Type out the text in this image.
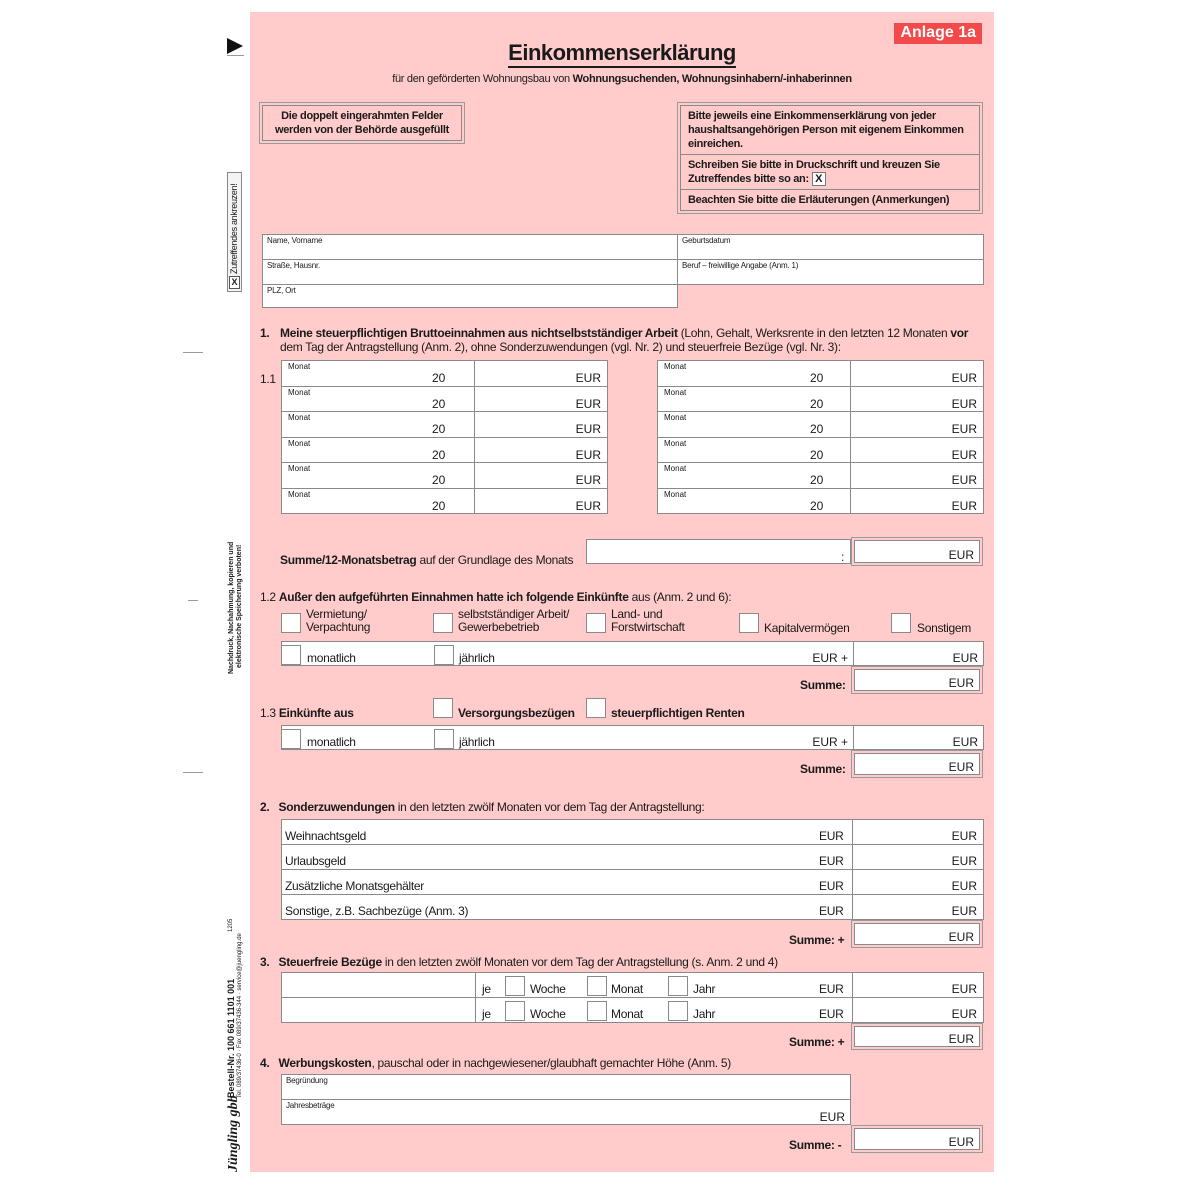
Zutreffendes ankreuzen!
X
Nachdruck, Nachahmung, kopieren und elektronische Speicherung verboten!
Jüngling gbb
Bestell-Nr. 100 661 1101 001 Tel. 089/37436-0 · Fax 089/37436-344 · service@juengling.de
1205
Anlage 1a
Einkommenserklärung
für den geförderten Wohnungsbau von Wohnungsuchenden, Wohnungsinhabern/-inhaberinnen
Die doppelt eingerahmten Felder
werden von der Behörde ausgefüllt
Bitte jeweils eine Einkommenserklärung von jeder haushaltsangehörigen Person mit eigenem Einkommen einreichen.
Schreiben Sie bitte in Druckschrift und kreuzen Sie Zutreffendes bitte so an: X
Beachten Sie bitte die Erläuterungen (Anmerkungen)
Name, Vorname	Geburtsdatum
Straße, Hausnr.	Beruf – freiwillige Angabe (Anm. 1)
PLZ, Ort
1. Meine steuerpflichtigen Bruttoeinnahmen aus nichtselbstständiger Arbeit (Lohn, Gehalt, Werksrente in den letzten 12 Monaten vor dem Tag der Antragstellung (Anm. 2), ohne Sonderzuwendungen (vgl. Nr. 2) und steuerfreie Bezüge (vgl. Nr. 3):
1.1
Monat
20	EUR
Monat
20	EUR
Monat
20	EUR
Monat
20	EUR
Monat
20	EUR
Monat
20	EUR
Monat
20	EUR
Monat
20	EUR
Monat
20	EUR
Monat
20	EUR
Monat
20	EUR
Monat
20	EUR
Summe/12-Monatsbetrag auf der Grundlage des Monats	:	EUR
1.2 Außer den aufgeführten Einnahmen hatte ich folgende Einkünfte aus (Anm. 2 und 6):
Vermietung/
Verpachtung
selbstständiger Arbeit/
Gewerbebetrieb
Land- und
Forstwirtschaft	Kapitalvermögen	Sonstigem
monatlich	jährlich	EUR +	EUR
Summe:	EUR
1.3 Einkünfte aus	Versorgungsbezügen	steuerpflichtigen Renten
monatlich	jährlich	EUR +	EUR
Summe:	EUR
2. Sonderzuwendungen in den letzten zwölf Monaten vor dem Tag der Antragstellung:
Weihnachtsgeld	EUR	EUR
Urlaubsgeld	EUR	EUR
Zusätzliche Monatsgehälter	EUR	EUR
Sonstige, z.B. Sachbezüge (Anm. 3)	EUR	EUR
Summe: +	EUR
3. Steuerfreie Bezüge in den letzten zwölf Monaten vor dem Tag der Antragstellung (s. Anm. 2 und 4)
je	Woche	Monat	Jahr	EUR	EUR
je	Woche	Monat	Jahr	EUR	EUR
Summe: +	EUR
4. Werbungskosten, pauschal oder in nachgewiesener/glaubhaft gemachter Höhe (Anm. 5)
Begründung
Jahresbeträge
EUR
Summe: -	EUR
